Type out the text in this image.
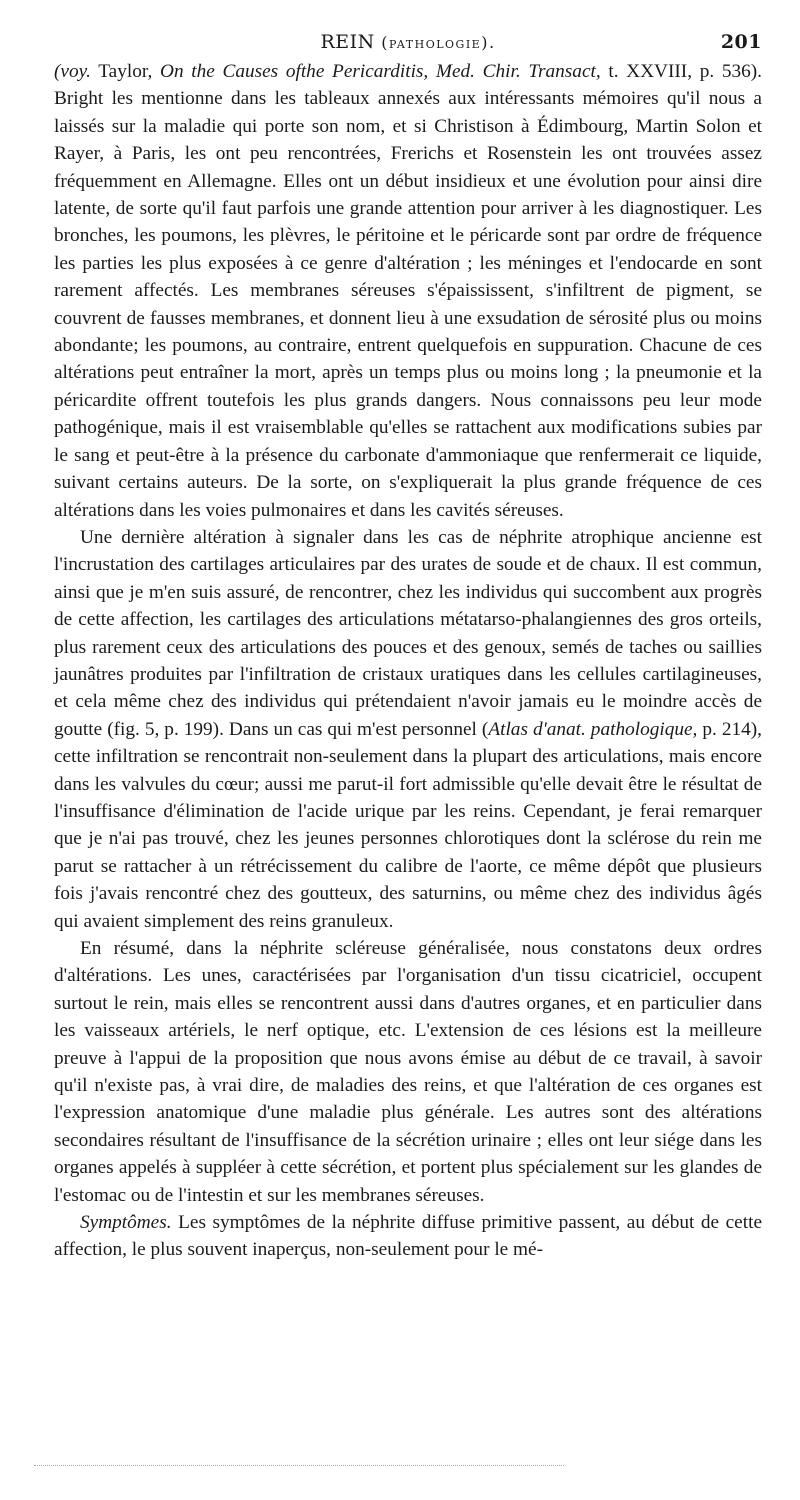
REIN (pathologie).	201

(voy. Taylor, On the Causes ofthe Pericarditis, Med. Chir. Transact, t. XXVIII, p. 536). Bright les mentionne dans les tableaux annexés aux intéressants mémoires qu'il nous a laissés sur la maladie qui porte son nom, et si Christison à Édimbourg, Martin Solon et Rayer, à Paris, les ont peu rencontrées, Frerichs et Rosenstein les ont trouvées assez fréquemment en Allemagne. Elles ont un début insidieux et une évolution pour ainsi dire latente, de sorte qu'il faut parfois une grande attention pour arriver à les diagnostiquer. Les bronches, les poumons, les plèvres, le péritoine et le péricarde sont par ordre de fréquence les parties les plus exposées à ce genre d'altération ; les méninges et l'endocarde en sont rarement affectés. Les membranes séreuses s'épaississent, s'infiltrent de pigment, se couvrent de fausses membranes, et donnent lieu à une exsudation de sérosité plus ou moins abondante; les poumons, au contraire, entrent quelquefois en suppuration. Chacune de ces altérations peut entraîner la mort, après un temps plus ou moins long ; la pneumonie et la péricardite offrent toutefois les plus grands dangers. Nous connaissons peu leur mode pathogénique, mais il est vraisemblable qu'elles se rattachent aux modifications subies par le sang et peut-être à la présence du carbonate d'ammoniaque que renfermerait ce liquide, suivant certains auteurs. De la sorte, on s'expliquerait la plus grande fréquence de ces altérations dans les voies pulmonaires et dans les cavités séreuses.

Une dernière altération à signaler dans les cas de néphrite atrophique ancienne est l'incrustation des cartilages articulaires par des urates de soude et de chaux. Il est commun, ainsi que je m'en suis assuré, de rencontrer, chez les individus qui succombent aux progrès de cette affection, les cartilages des articulations métatarso-phalangiennes des gros orteils, plus rarement ceux des articulations des pouces et des genoux, semés de taches ou saillies jaunâtres produites par l'infiltration de cristaux uratiques dans les cellules cartilagineuses, et cela même chez des individus qui prétendaient n'avoir jamais eu le moindre accès de goutte (fig. 5, p. 199). Dans un cas qui m'est personnel (Atlas d'anat. pathologique, p. 214), cette infiltration se rencontrait non-seulement dans la plupart des articulations, mais encore dans les valvules du cœur; aussi me parut-il fort admissible qu'elle devait être le résultat de l'insuffisance d'élimination de l'acide urique par les reins. Cependant, je ferai remarquer que je n'ai pas trouvé, chez les jeunes personnes chlorotiques dont la sclérose du rein me parut se rattacher à un rétrécissement du calibre de l'aorte, ce même dépôt que plusieurs fois j'avais rencontré chez des goutteux, des saturnins, ou même chez des individus âgés qui avaient simplement des reins granuleux.

En résumé, dans la néphrite scléreuse généralisée, nous constatons deux ordres d'altérations. Les unes, caractérisées par l'organisation d'un tissu cicatriciel, occupent surtout le rein, mais elles se rencontrent aussi dans d'autres organes, et en particulier dans les vaisseaux artériels, le nerf optique, etc. L'extension de ces lésions est la meilleure preuve à l'appui de la proposition que nous avons émise au début de ce travail, à savoir qu'il n'existe pas, à vrai dire, de maladies des reins, et que l'altération de ces organes est l'expression anatomique d'une maladie plus générale. Les autres sont des altérations secondaires résultant de l'insuffisance de la sécrétion urinaire ; elles ont leur siége dans les organes appelés à suppléer à cette sécrétion, et portent plus spécialement sur les glandes de l'estomac ou de l'intestin et sur les membranes séreuses.

Symptômes. Les symptômes de la néphrite diffuse primitive passent, au début de cette affection, le plus souvent inaperçus, non-seulement pour le mé-
